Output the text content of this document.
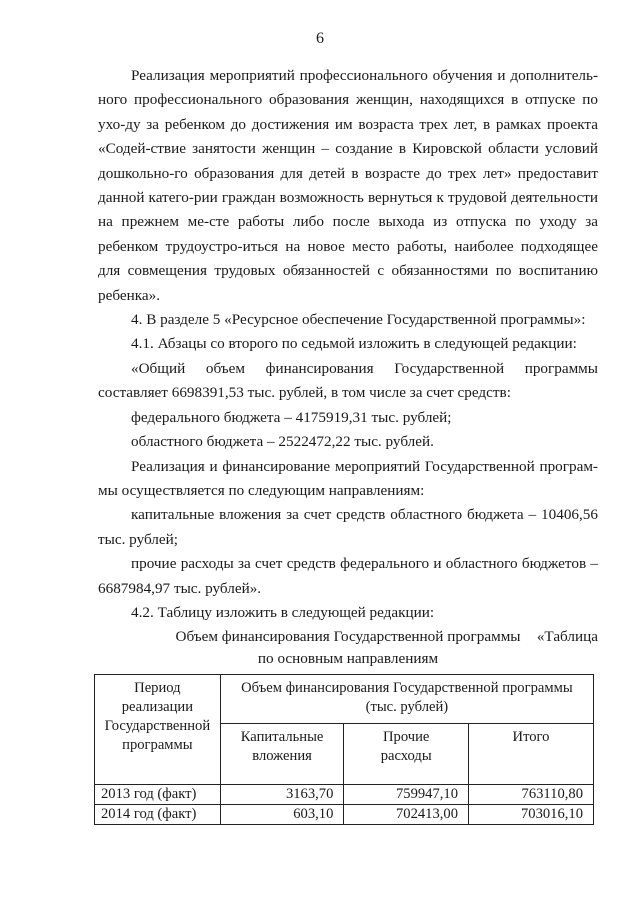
6

Реализация мероприятий профессионального обучения и дополнитель-ного профессионального образования женщин, находящихся в отпуске по ухо-ду за ребенком до достижения им возраста трех лет, в рамках проекта «Содей-ствие занятости женщин – создание в Кировской области условий дошкольно-го образования для детей в возрасте до трех лет» предоставит данной катего-рии граждан возможность вернуться к трудовой деятельности на прежнем ме-сте работы либо после выхода из отпуска по уходу за ребенком трудоустро-иться на новое место работы, наиболее подходящее для совмещения трудовых обязанностей с обязанностями по воспитанию ребенка».

4. В разделе 5 «Ресурсное обеспечение Государственной программы»:

4.1. Абзацы со второго по седьмой изложить в следующей редакции:

«Общий объем финансирования Государственной программы составляет 6698391,53 тыс. рублей, в том числе за счет средств:

федерального бюджета – 4175919,31 тыс. рублей;

областного бюджета – 2522472,22 тыс. рублей.

Реализация и финансирование мероприятий Государственной програм-мы осуществляется по следующим направлениям:

капитальные вложения за счет средств областного бюджета – 10406,56 тыс. рублей;

прочие расходы за счет средств федерального и областного бюджетов – 6687984,97 тыс. рублей».

4.2. Таблицу изложить в следующей редакции:

«Таблица

Объем финансирования Государственной программы
по основным направлениям
Период реализации Государственной программы	Объем финансирования Государственной программы (тыс. рублей)		
	Капитальные вложения	Прочие расходы	Итого
2013 год (факт)	3163,70	759947,10	763110,80
2014 год (факт)	603,10	702413,00	703016,10
